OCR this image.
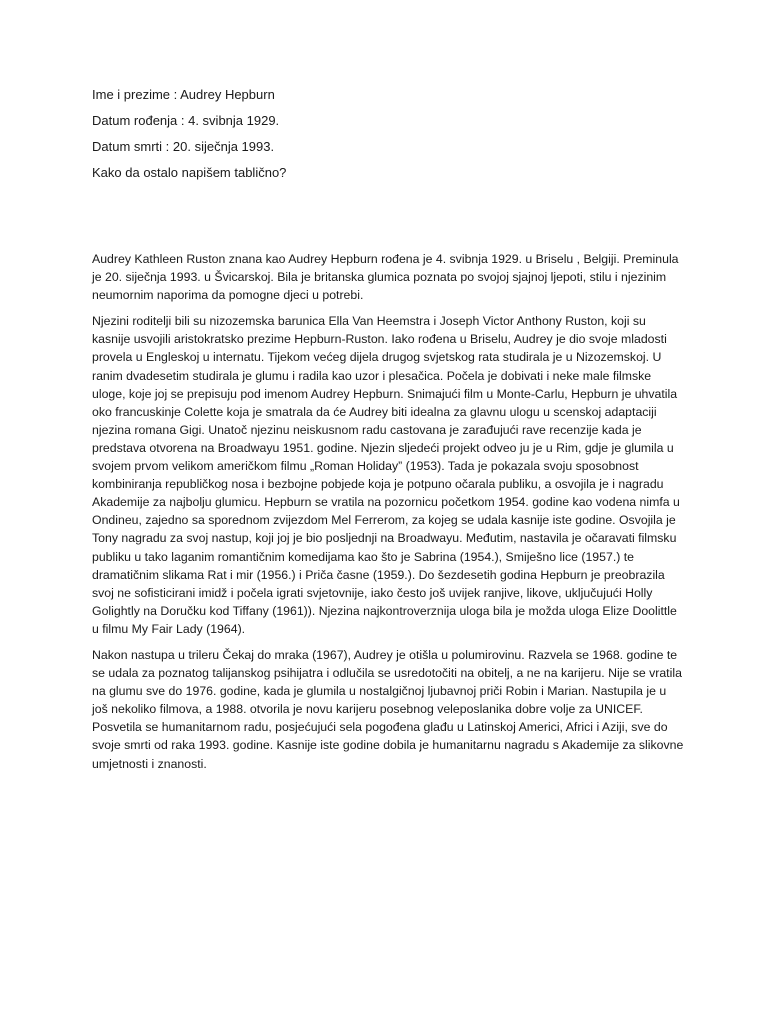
Ime i prezime : Audrey Hepburn

Datum rođenja : 4. svibnja 1929.

Datum smrti : 20. siječnja 1993.

Kako da ostalo napišem tablično?

Audrey Kathleen Ruston znana kao Audrey Hepburn rođena je 4. svibnja 1929. u Briselu , Belgiji. Preminula je 20. siječnja 1993. u Švicarskoj. Bila je britanska glumica poznata po svojoj sjajnoj ljepoti, stilu i njezinim neumornim naporima da pomogne djeci u potrebi.

Njezini roditelji bili su nizozemska barunica Ella Van Heemstra i Joseph Victor Anthony Ruston, koji su kasnije usvojili aristokratsko prezime Hepburn-Ruston. Iako rođena u Briselu, Audrey je dio svoje mladosti provela u Engleskoj u internatu. Tijekom većeg dijela drugog svjetskog rata studirala je u Nizozemskoj. U ranim dvadesetim studirala je glumu i radila kao uzor i plesačica. Počela je dobivati i neke male filmske uloge, koje joj se prepisuju pod imenom Audrey Hepburn. Snimajući film u Monte-Carlu, Hepburn je uhvatila oko francuskinje Colette koja je smatrala da će Audrey biti idealna za glavnu ulogu u scenskoj adaptaciji njezina romana Gigi. Unatoč njezinu neiskusnom radu castovana je zarađujući rave recenzije kada je predstava otvorena na Broadwayu 1951. godine. Njezin sljedeći projekt odveo ju je u Rim, gdje je glumila u svojem prvom velikom američkom filmu „Roman Holiday” (1953). Tada je pokazala svoju sposobnost kombiniranja republičkog nosa i bezbojne pobjede koja je potpuno očarala publiku, a osvojila je i nagradu Akademije za najbolju glumicu. Hepburn se vratila na pozornicu početkom 1954. godine kao vodena nimfa u Ondineu, zajedno sa sporednom zvijezdom Mel Ferrerom, za kojeg se udala kasnije iste godine. Osvojila je Tony nagradu za svoj nastup, koji joj je bio posljednji na Broadwayu. Međutim, nastavila je očaravati filmsku publiku u tako laganim romantičnim komedijama kao što je Sabrina (1954.), Smiješno lice (1957.) te dramatičnim slikama Rat i mir (1956.) i Priča časne (1959.). Do šezdesetih godina Hepburn je preobrazila svoj ne sofisticirani imidž i počela igrati svjetovnije, iako često još uvijek ranjive, likove, uključujući Holly Golightly na Doručku kod Tiffany (1961)). Njezina najkontroverznija uloga bila je možda uloga Elize Doolittle u filmu My Fair Lady (1964).

Nakon nastupa u trileru Čekaj do mraka (1967), Audrey je otišla u polumirovinu. Razvela se 1968. godine te se udala za poznatog talijanskog psihijatra i odlučila se usredotočiti na obitelj, a ne na karijeru. Nije se vratila na glumu sve do 1976. godine, kada je glumila u nostalgičnoj ljubavnoj priči Robin i Marian. Nastupila je u još nekoliko filmova, a 1988. otvorila je novu karijeru posebnog veleposlanika dobre volje za UNICEF. Posvetila se humanitarnom radu, posjećujući sela pogođena glađu u Latinskoj Americi, Africi i Aziji, sve do svoje smrti od raka 1993. godine. Kasnije iste godine dobila je humanitarnu nagradu s Akademije za slikovne umjetnosti i znanosti.
